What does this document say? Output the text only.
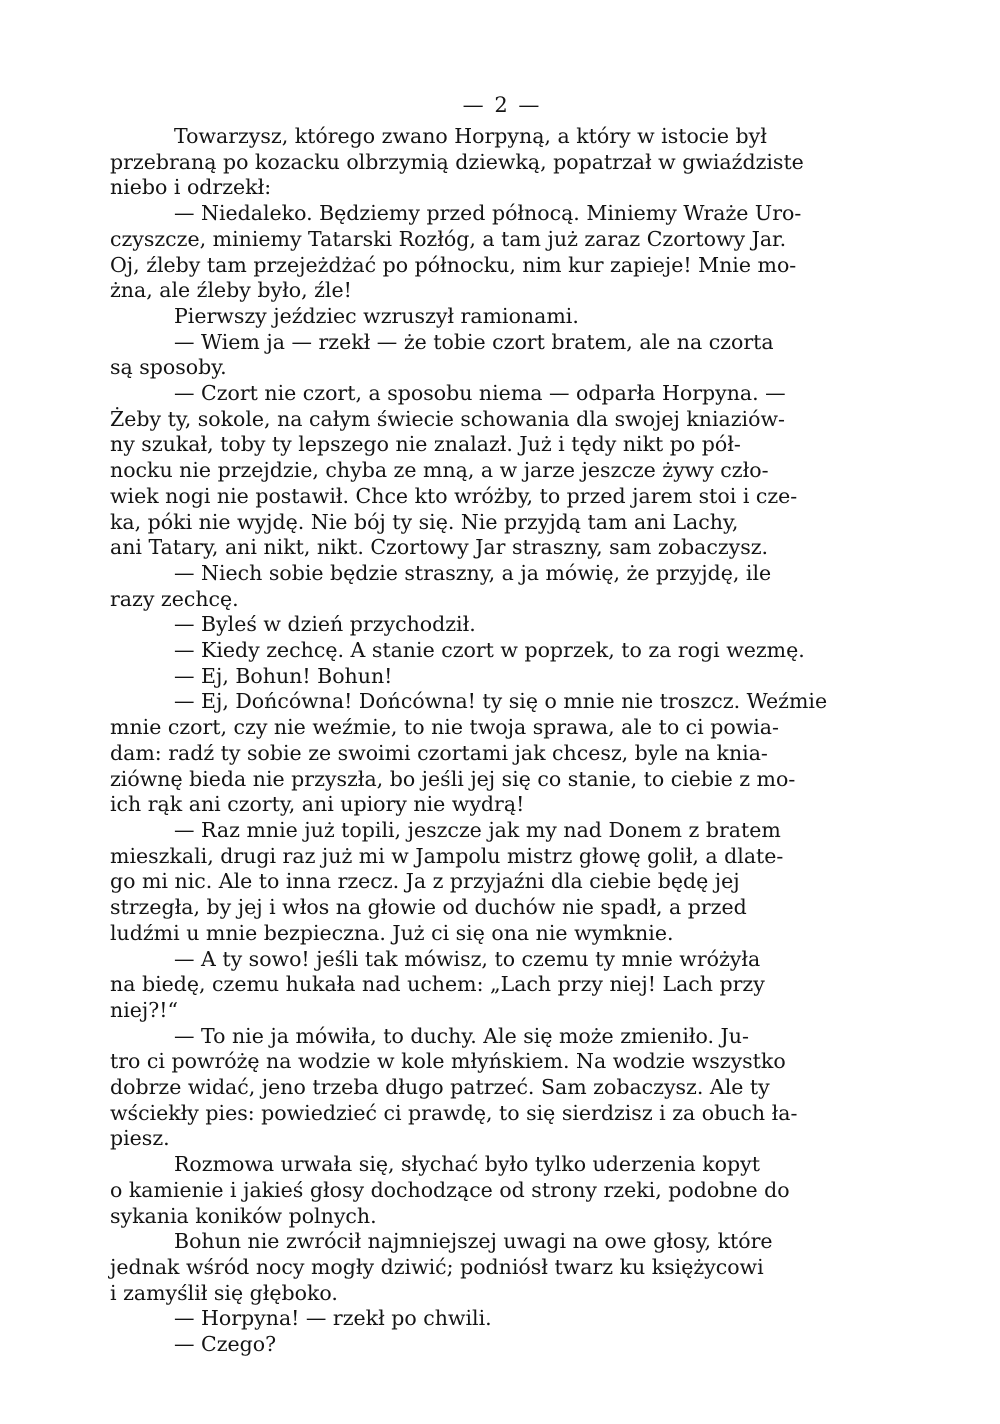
— 2 —

Towarzysz, którego zwano Horpyną, a który w istocie był
przebraną po kozacku olbrzymią dziewką, popatrzał w gwiaździste
niebo i odrzekł:

— Niedaleko. Będziemy przed północą. Miniemy Wraże Uro-
czyszcze, miniemy Tatarski Rozłóg, a tam już zaraz Czortowy Jar.
Oj, źleby tam przejeżdżać po północku, nim kur zapieje! Mnie mo-
żna, ale źleby było, źle!

Pierwszy jeździec wzruszył ramionami.

— Wiem ja — rzekł — że tobie czort bratem, ale na czorta
są sposoby.

— Czort nie czort, a sposobu niema — odparła Horpyna. —
Żeby ty, sokole, na całym świecie schowania dla swojej kniaziów-
ny szukał, toby ty lepszego nie znalazł. Już i tędy nikt po pół-
nocku nie przejdzie, chyba ze mną, a w jarze jeszcze żywy czło-
wiek nogi nie postawił. Chce kto wróżby, to przed jarem stoi i cze-
ka, póki nie wyjdę. Nie bój ty się. Nie przyjdą tam ani Lachy,
ani Tatary, ani nikt, nikt. Czortowy Jar straszny, sam zobaczysz.

— Niech sobie będzie straszny, a ja mówię, że przyjdę, ile
razy zechcę.

— Byleś w dzień przychodził.

— Kiedy zechcę. A stanie czort w poprzek, to za rogi wezmę.

— Ej, Bohun! Bohun!

— Ej, Dońcówna! Dońcówna! ty się o mnie nie troszcz. Weźmie
mnie czort, czy nie weźmie, to nie twoja sprawa, ale to ci powia-
dam: radź ty sobie ze swoimi czortami jak chcesz, byle na knia-
ziównę bieda nie przyszła, bo jeśli jej się co stanie, to ciebie z mo-
ich rąk ani czorty, ani upiory nie wydrą!

— Raz mnie już topili, jeszcze jak my nad Donem z bratem
mieszkali, drugi raz już mi w Jampolu mistrz głowę golił, a dlate-
go mi nic. Ale to inna rzecz. Ja z przyjaźni dla ciebie będę jej
strzegła, by jej i włos na głowie od duchów nie spadł, a przed
ludźmi u mnie bezpieczna. Już ci się ona nie wymknie.

— A ty sowo! jeśli tak mówisz, to czemu ty mnie wróżyła
na biedę, czemu hukała nad uchem: „Lach przy niej! Lach przy
niej?!“

— To nie ja mówiła, to duchy. Ale się może zmieniło. Ju-
tro ci powróżę na wodzie w kole młyńskiem. Na wodzie wszystko
dobrze widać, jeno trzeba długo patrzeć. Sam zobaczysz. Ale ty
wściekły pies: powiedzieć ci prawdę, to się sierdzisz i za obuch ła-
piesz.

Rozmowa urwała się, słychać było tylko uderzenia kopyt
o kamienie i jakieś głosy dochodzące od strony rzeki, podobne do
sykania koników polnych.

Bohun nie zwrócił najmniejszej uwagi na owe głosy, które
jednak wśród nocy mogły dziwić; podniósł twarz ku księżycowi
i zamyślił się głęboko.

— Horpyna! — rzekł po chwili.

— Czego?
